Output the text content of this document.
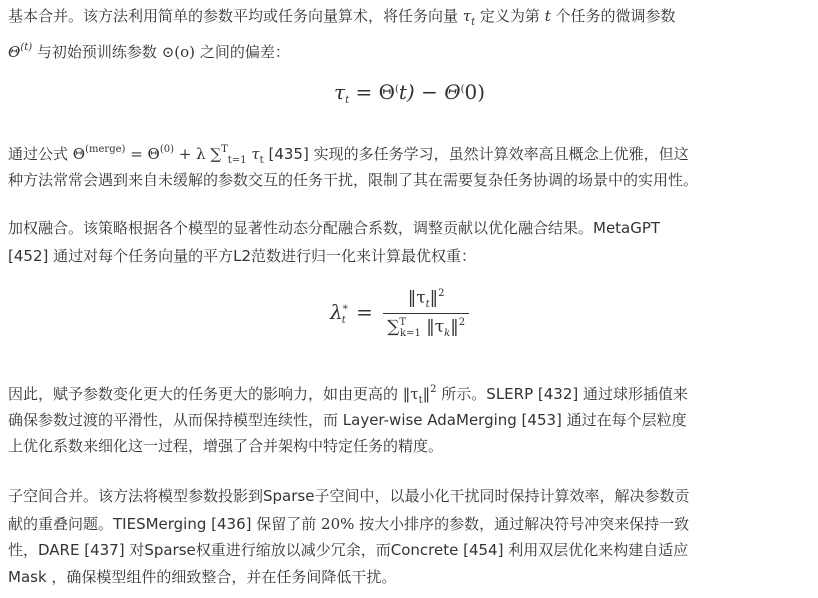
基本合并。该方法利用简单的参数平均或任务向量算术，将任务向量 $\tau_t$ 定义为第 t 个任务的微调参数
$\Theta^{(t)}$ 与初始预训练参数 ⊙(o) 之间的偏差：
$\tau_t = \Theta^(t) - \Theta^(0$)
通过公式 $\Theta^{(merge)} = \Theta^{(0)} + \lambda$ ∑$^T_{t=1}$ $\tau_t$ [435] 实现的多任务学习，虽然计算效率高且概念上优雅，但这
种方法常常会遇到来自未缓解的参数交互的任务干扰，限制了其在需要复杂任务协调的场景中的实用性。
加权融合。该策略根据各个模型的显著性动态分配融合系数，调整贡献以优化融合结果。MetaGPT
[452] 通过对每个任务向量的平方L2范数进行归一化来计算最优权重：
$\lambda^*_t = \frac{‖\tau_t‖^2}{\sum^T_{k=1} ‖\tau_k‖^2}$
因此，赋予参数变化更大的任务更大的影响力，如由更高的 $‖\tau_t‖^2$ 所示。SLERP [432] 通过球形插值来
确保参数过渡的平滑性，从而保持模型连续性，而 Layer-wise AdaMerging [453] 通过在每个层粒度
上优化系数来细化这一过程，增强了合并架构中特定任务的精度。
子空间合并。该方法将模型参数投影到Sparse子空间中，以最小化干扰同时保持计算效率，解决参数贡
献的重叠问题。TIESMerging [436] 保留了前 20% 按大小排序的参数，通过解决符号冲突来保持一致
性，DARE [437] 对Sparse权重进行缩放以减少冗余，而Concrete [454] 利用双层优化来构建自适应
Mask ，确保模型组件的细致整合，并在任务间降低干扰。
